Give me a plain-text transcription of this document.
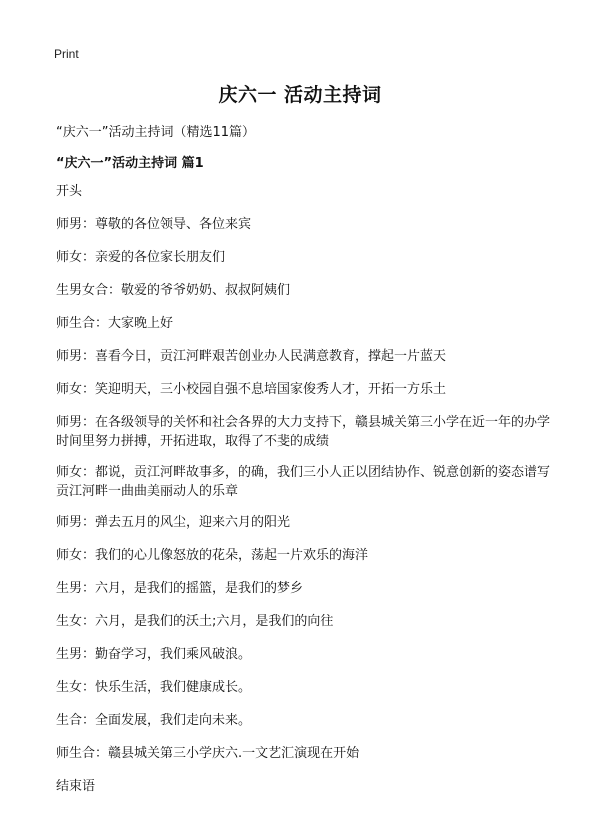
Print
庆六一 活动主持词

“庆六一”活动主持词（精选11篇）

“庆六一”活动主持词 篇1

开头

师男：尊敬的各位领导、各位来宾

师女：亲爱的各位家长朋友们

生男女合：敬爱的爷爷奶奶、叔叔阿姨们

师生合：大家晚上好

师男：喜看今日，贡江河畔艰苦创业办人民满意教育，撑起一片蓝天

师女：笑迎明天，三小校园自强不息培国家俊秀人才，开拓一方乐土

师男：在各级领导的关怀和社会各界的大力支持下，赣县城关第三小学在近一年的办学时间里努力拼搏，开拓进取，取得了不斐的成绩

师女：都说，贡江河畔故事多，的确，我们三小人正以团结协作、锐意创新的姿态谱写贡江河畔一曲曲美丽动人的乐章

师男：弹去五月的风尘，迎来六月的阳光

师女：我们的心儿像怒放的花朵，荡起一片欢乐的海洋

生男：六月，是我们的摇篮，是我们的梦乡

生女：六月，是我们的沃土;六月，是我们的向往

生男：勤奋学习，我们乘风破浪。

生女：快乐生活，我们健康成长。

生合：全面发展，我们走向未来。

师生合：赣县城关第三小学庆六.一文艺汇演现在开始

结束语
